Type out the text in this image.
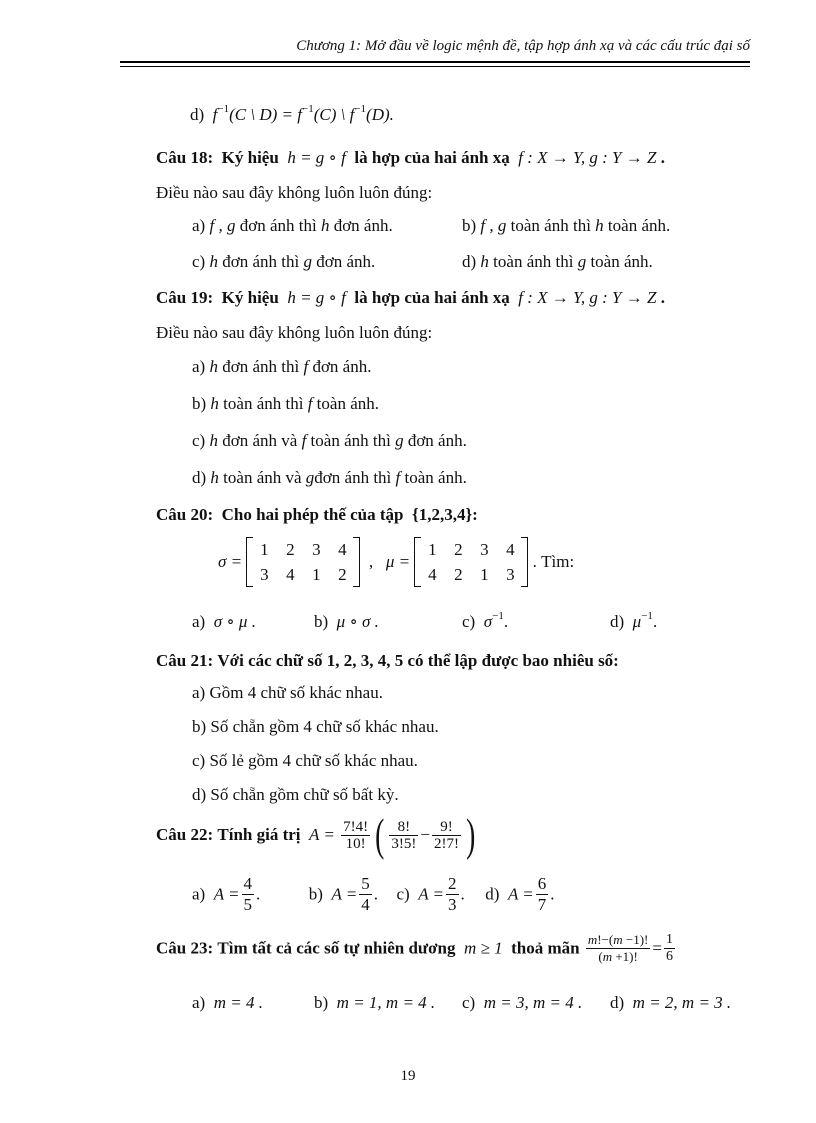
Chương 1: Mở đầu về logic mệnh đề, tập hợp ánh xạ và các cấu trúc đại số
d)  $f^{-1}(C$ \ $D) = f^{-1}(C)$ \ $f^{-1}(D)$.
Câu 18: Ký hiệu  h = g ∘ f  là hợp của hai ánh xạ  f : X → Y, g : Y → Z .
Điều nào sau đây không luôn luôn đúng:
a) f , g đơn ánh thì h đơn ánh.	b) f , g toàn ánh thì h toàn ánh.
c) h đơn ánh thì g đơn ánh.	d) h toàn ánh thì g toàn ánh.
Câu 19: Ký hiệu  h = g ∘ f  là hợp của hai ánh xạ  f : X → Y, g : Y → Z .
Điều nào sau đây không luôn luôn đúng:
a) h đơn ánh thì f đơn ánh.
b) h toàn ánh thì f toàn ánh.
c) h đơn ánh và f toàn ánh thì g đơn ánh.
d) h toàn ánh và gđơn ánh thì f toàn ánh.
Câu 20: Cho hai phép thế của tập {1,2,3,4}:
σ =
1	2	3	4
3	4	1	2
,   μ =
1	2	3	4
4	2	1	3
. Tìm:
a)  σ ∘ μ .	b)  μ ∘ σ .	c)  $\sigma^{-1}$.	d)  $\mu^{-1}$.
Câu 21: Với các chữ số 1, 2, 3, 4, 5 có thể lập được bao nhiêu số:
a) Gồm 4 chữ số khác nhau.
b) Số chẵn gồm 4 chữ số khác nhau.
c) Số lẻ gồm 4 chữ số khác nhau.
d) Số chẵn gồm chữ số bất kỳ.
Câu 22: Tính giá trị  $A = \frac{7!4!}{10!}$ ( $\frac{8!}{3!5!} - \frac{9!}{2!7!}$ )
a)  $A = \frac{4}{5}$ .	b)  $A = \frac{5}{4}$ . c)  $A = \frac{2}{3}$ . d)  $A = \frac{6}{7}$ .
Câu 23: Tìm tất cả các số tự nhiên dương  m ≥ 1  thoả mãn $\frac{m!-(m -1)!}{(m +1)!} = \frac{1}{6}$
a)  m = 4 .	b)  m = 1, m = 4 . c)  m = 3, m = 4 . d)  m = 2, m = 3 .
19
